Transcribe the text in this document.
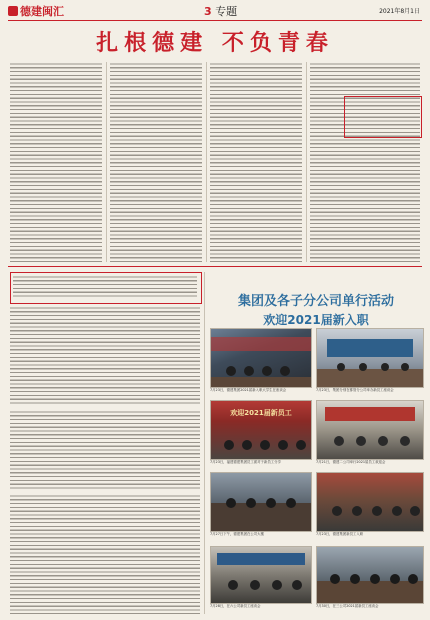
德建闽汇	3 专题	2021年8月1日
扎根德建 不负青春
集团及各子分公司单行活动
欢迎2021届新入职
7月23日，德建集团2021届新入职大学生在座谈会	7月23日，集团分别在都管分公司举办新员工座谈会
欢迎2021届新员工
7月23日，福建德建集团员工面对于新员工分享	7月21日，德建二公司举行2021届员工欢迎会
7月27日下午，德建集团在公司大楼	7月23日，德建集团新员工入职
7月28日，在六公司新员工座谈会	7月30日，在三公司2021届新员工座谈会
